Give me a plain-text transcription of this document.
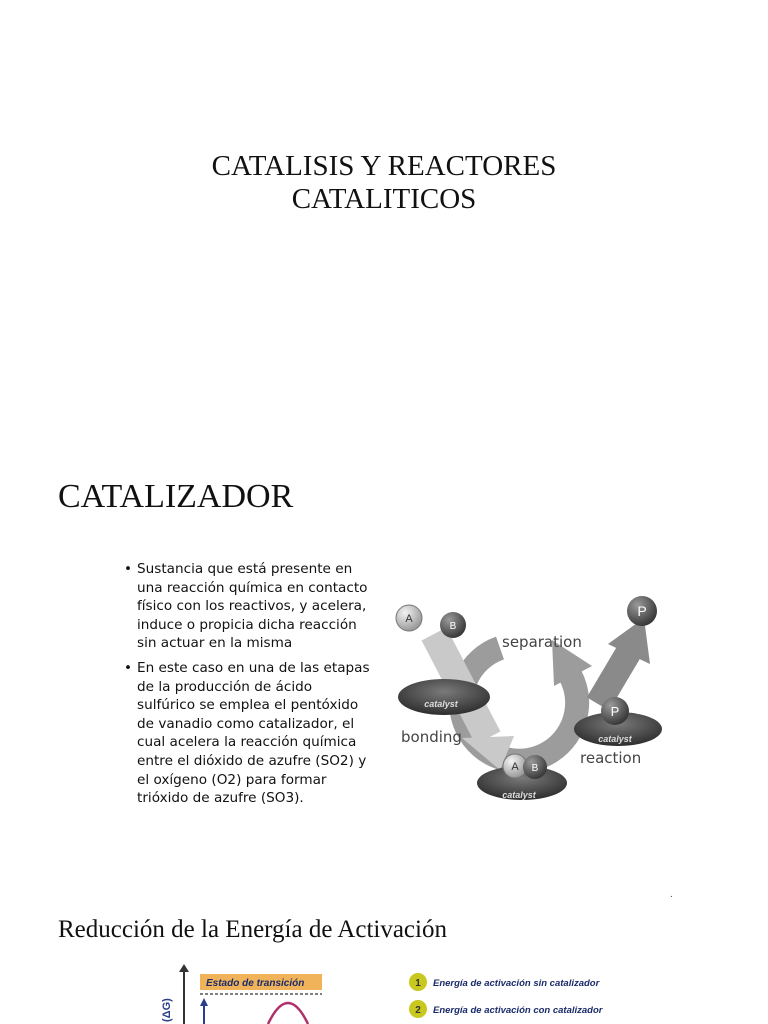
CATALISIS Y REACTORES
CATALITICOS
CATALIZADOR
• Sustancia que está presente en una reacción química en contacto físico con los reactivos, y acelera, induce o propicia dicha reacción sin actuar en la misma
• En este caso en una de las etapas de la producción de ácido sulfúrico se emplea el pentóxido de vanadio como catalizador, el cual acelera la reacción química entre el dióxido de azufre (SO2) y el oxígeno (O2) para formar trióxido de azufre (SO3).
A
B
catalyst
catalyst
A B
catalyst
P
P
separation
bonding
reaction
.
Reducción de la Energía de Activación
(ΔG)
Estado de transición	1 Energía de activación sin catalizador
2 Energía de activación con catalizador
